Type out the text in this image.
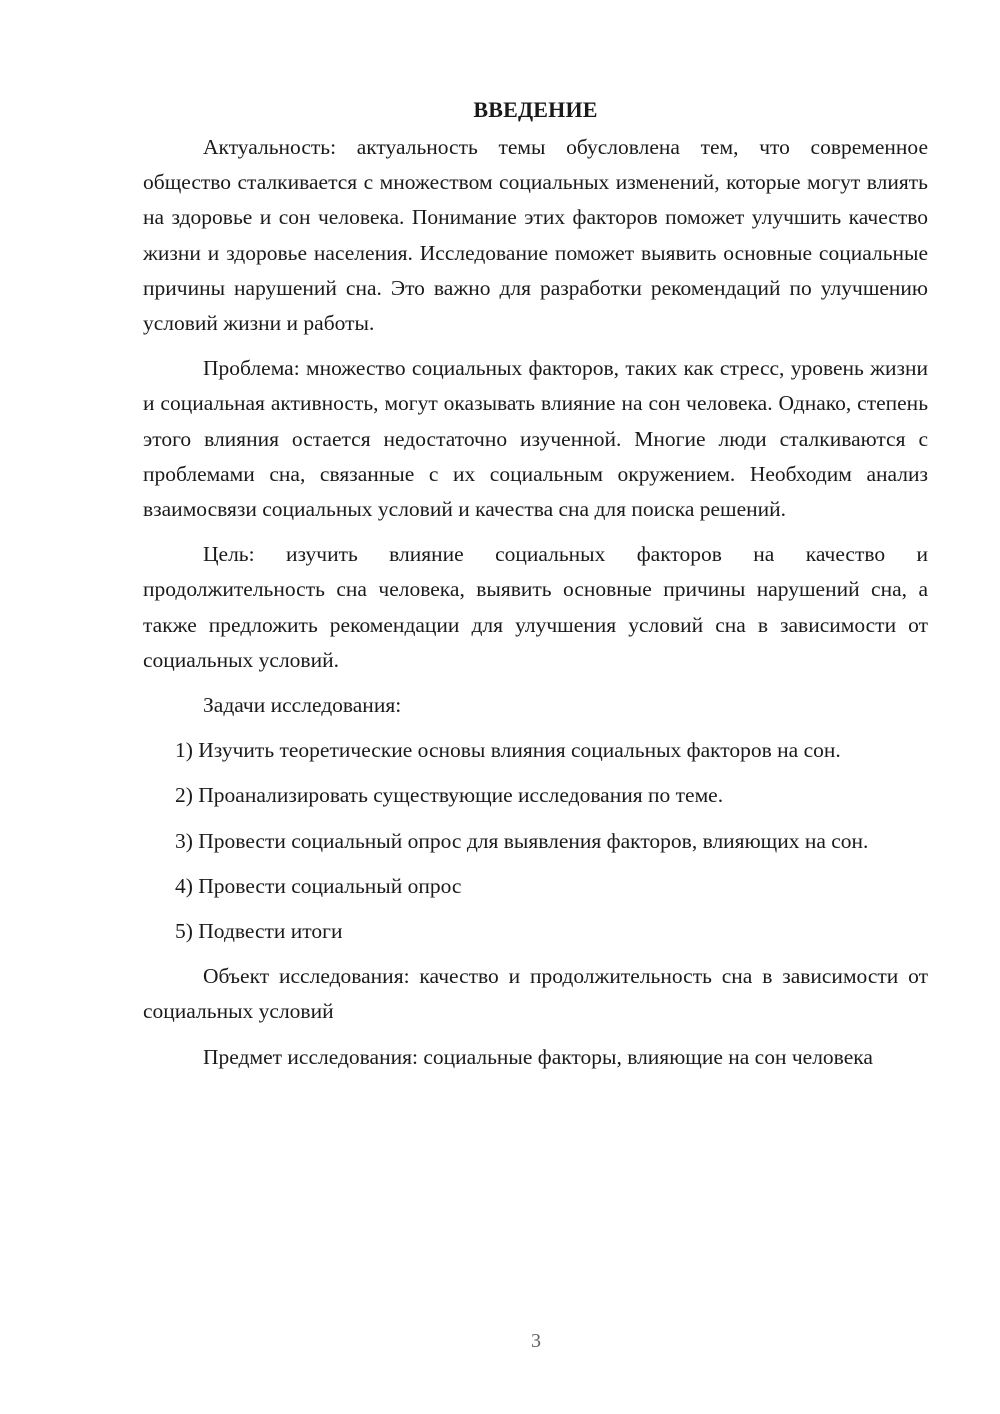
ВВЕДЕНИЕ

Актуальность: актуальность темы обусловлена тем, что современное общество сталкивается с множеством социальных изменений, которые могут влиять на здоровье и сон человека. Понимание этих факторов поможет улучшить качество жизни и здоровье населения. Исследование поможет выявить основные социальные причины нарушений сна. Это важно для разработки рекомендаций по улучшению условий жизни и работы.

Проблема: множество социальных факторов, таких как стресс, уровень жизни и социальная активность, могут оказывать влияние на сон человека. Однако, степень этого влияния остается недостаточно изученной. Многие люди сталкиваются с проблемами сна, связанные с их социальным окружением. Необходим анализ взаимосвязи социальных условий и качества сна для поиска решений.

Цель: изучить влияние социальных факторов на качество и продолжительность сна человека, выявить основные причины нарушений сна, а также предложить рекомендации для улучшения условий сна в зависимости от социальных условий.

Задачи исследования:

1) Изучить теоретические основы влияния социальных факторов на сон.

2) Проанализировать существующие исследования по теме.

3) Провести социальный опрос для выявления факторов, влияющих на сон.

4) Провести социальный опрос

5) Подвести итоги

Объект исследования: качество и продолжительность сна в зависимости от социальных условий

Предмет исследования: социальные факторы, влияющие на сон человека

3
